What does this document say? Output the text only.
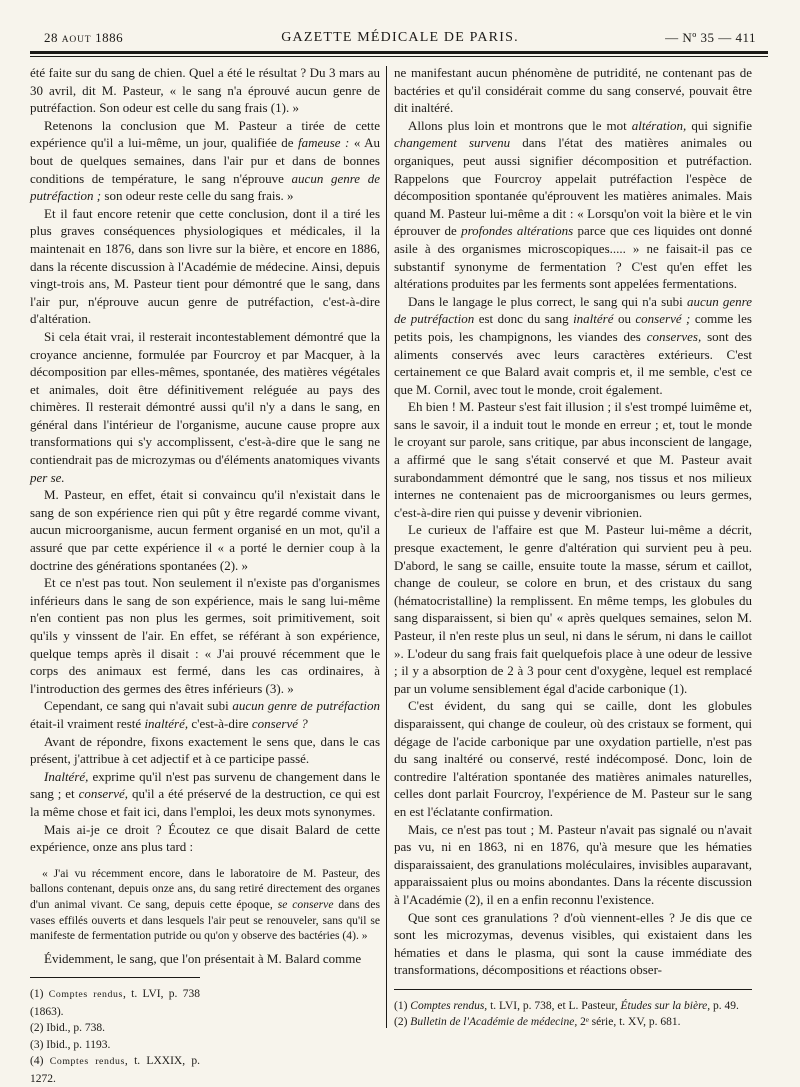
28 AOUT 1886	GAZETTE MÉDICALE DE PARIS.	— Nº 35 — 411

été faite sur du sang de chien. Quel a été le résultat ? Du 3 mars au 30 avril, dit M. Pasteur, « le sang n'a éprouvé aucun genre de putréfaction. Son odeur est celle du sang frais (1). »

Retenons la conclusion que M. Pasteur a tirée de cette expérience qu'il a lui-même, un jour, qualifiée de fameuse : « Au bout de quelques semaines, dans l'air pur et dans de bonnes conditions de température, le sang n'éprouve aucun genre de putréfaction ; son odeur reste celle du sang frais. »

Et il faut encore retenir que cette conclusion, dont il a tiré les plus graves conséquences physiologiques et médicales, il la maintenait en 1876, dans son livre sur la bière, et encore en 1886, dans la récente discussion à l'Académie de médecine. Ainsi, depuis vingt-trois ans, M. Pasteur tient pour démontré que le sang, dans l'air pur, n'éprouve aucun genre de putréfaction, c'est-à-dire d'altération.

Si cela était vrai, il resterait incontestablement démontré que la croyance ancienne, formulée par Fourcroy et par Macquer, à la décomposition par elles-mêmes, spontanée, des matières végétales et animales, doit être définitivement reléguée au pays des chimères. Il resterait démontré aussi qu'il n'y a dans le sang, en général dans l'intérieur de l'organisme, aucune cause propre aux transformations qui s'y accomplissent, c'est-à-dire que le sang ne contiendrait pas de microzymas ou d'éléments anatomiques vivants per se.

M. Pasteur, en effet, était si convaincu qu'il n'existait dans le sang de son expérience rien qui pût y être regardé comme vivant, aucun microorganisme, aucun ferment organisé en un mot, qu'il a assuré que par cette expérience il « a porté le dernier coup à la doctrine des générations spontanées (2). »

Et ce n'est pas tout. Non seulement il n'existe pas d'organismes inférieurs dans le sang de son expérience, mais le sang lui-même n'en contient pas non plus les germes, soit primitivement, soit qu'ils y vinssent de l'air. En effet, se référant à son expérience, quelque temps après il disait : « J'ai prouvé récemment que le corps des animaux est fermé, dans les cas ordinaires, à l'introduction des germes des êtres inférieurs (3). »

Cependant, ce sang qui n'avait subi aucun genre de putréfaction était-il vraiment resté inaltéré, c'est-à-dire conservé ?

Avant de répondre, fixons exactement le sens que, dans le cas présent, j'attribue à cet adjectif et à ce participe passé.

Inaltéré, exprime qu'il n'est pas survenu de changement dans le sang ; et conservé, qu'il a été préservé de la destruction, ce qui est la même chose et fait ici, dans l'emploi, les deux mots synonymes.

Mais ai-je ce droit ? Écoutez ce que disait Balard de cette expérience, onze ans plus tard :

« J'ai vu récemment encore, dans le laboratoire de M. Pasteur, des ballons contenant, depuis onze ans, du sang retiré directement des organes d'un animal vivant. Ce sang, depuis cette époque, se conserve dans des vases effilés ouverts et dans lesquels l'air peut se renouveler, sans qu'il se manifeste de fermentation putride ou qu'on y observe des bactéries (4). »

Évidemment, le sang, que l'on présentait à M. Balard comme

(1) Comptes rendus, t. LVI, p. 738 (1863).

(2) Ibid., p. 738.

(3) Ibid., p. 1193.

(4) Comptes rendus, t. LXXIX, p. 1272.

ne manifestant aucun phénomène de putridité, ne contenant pas de bactéries et qu'il considérait comme du sang conservé, pouvait être dit inaltéré.

Allons plus loin et montrons que le mot altération, qui signifie changement survenu dans l'état des matières animales ou organiques, peut aussi signifier décomposition et putréfaction. Rappelons que Fourcroy appelait putréfaction l'espèce de décomposition spontanée qu'éprouvent les matières animales. Mais quand M. Pasteur lui-même a dit : « Lorsqu'on voit la bière et le vin éprouver de profondes altérations parce que ces liquides ont donné asile à des organismes microscopiques..... » ne faisait-il pas ce substantif synonyme de fermentation ? C'est qu'en effet les altérations produites par les ferments sont appelées fermentations.

Dans le langage le plus correct, le sang qui n'a subi aucun genre de putréfaction est donc du sang inaltéré ou conservé ; comme les petits pois, les champignons, les viandes des conserves, sont des aliments conservés avec leurs caractères extérieurs. C'est certainement ce que Balard avait compris et, il me semble, c'est ce que M. Cornil, avec tout le monde, croit également.

Eh bien ! M. Pasteur s'est fait illusion ; il s'est trompé luimême et, sans le savoir, il a induit tout le monde en erreur ; et, tout le monde le croyant sur parole, sans critique, par abus inconscient de langage, a affirmé que le sang s'était conservé et que M. Pasteur avait surabondamment démontré que le sang, nos tissus et nos milieux internes ne contenaient pas de microorganismes ou leurs germes, c'est-à-dire rien qui puisse y devenir vibrionien.

Le curieux de l'affaire est que M. Pasteur lui-même a décrit, presque exactement, le genre d'altération qui survient peu à peu. D'abord, le sang se caille, ensuite toute la masse, sérum et caillot, change de couleur, se colore en brun, et des cristaux du sang (hématocristalline) la remplissent. En même temps, les globules du sang disparaissent, si bien qu' « après quelques semaines, selon M. Pasteur, il n'en reste plus un seul, ni dans le sérum, ni dans le caillot ». L'odeur du sang frais fait quelquefois place à une odeur de lessive ; il y a absorption de 2 à 3 pour cent d'oxygène, lequel est remplacé par un volume sensiblement égal d'acide carbonique (1).

C'est évident, du sang qui se caille, dont les globules disparaissent, qui change de couleur, où des cristaux se forment, qui dégage de l'acide carbonique par une oxydation partielle, n'est pas du sang inaltéré ou conservé, resté indécomposé. Donc, loin de contredire l'altération spontanée des matières animales naturelles, celles dont parlait Fourcroy, l'expérience de M. Pasteur sur le sang en est l'éclatante confirmation.

Mais, ce n'est pas tout ; M. Pasteur n'avait pas signalé ou n'avait pas vu, ni en 1863, ni en 1876, qu'à mesure que les hématies disparaissaient, des granulations moléculaires, invisibles auparavant, apparaissaient plus ou moins abondantes. Dans la récente discussion à l'Académie (2), il en a enfin reconnu l'existence.

Que sont ces granulations ? d'où viennent-elles ? Je dis que ce sont les microzymas, devenus visibles, qui existaient dans les hématies et dans le plasma, qui sont la cause immédiate des transformations, décompositions et réactions obser-

(1) Comptes rendus, t. LVI, p. 738, et L. Pasteur, Études sur la bière, p. 49.

(2) Bulletin de l'Académie de médecine, 2ᵉ série, t. XV, p. 681.
